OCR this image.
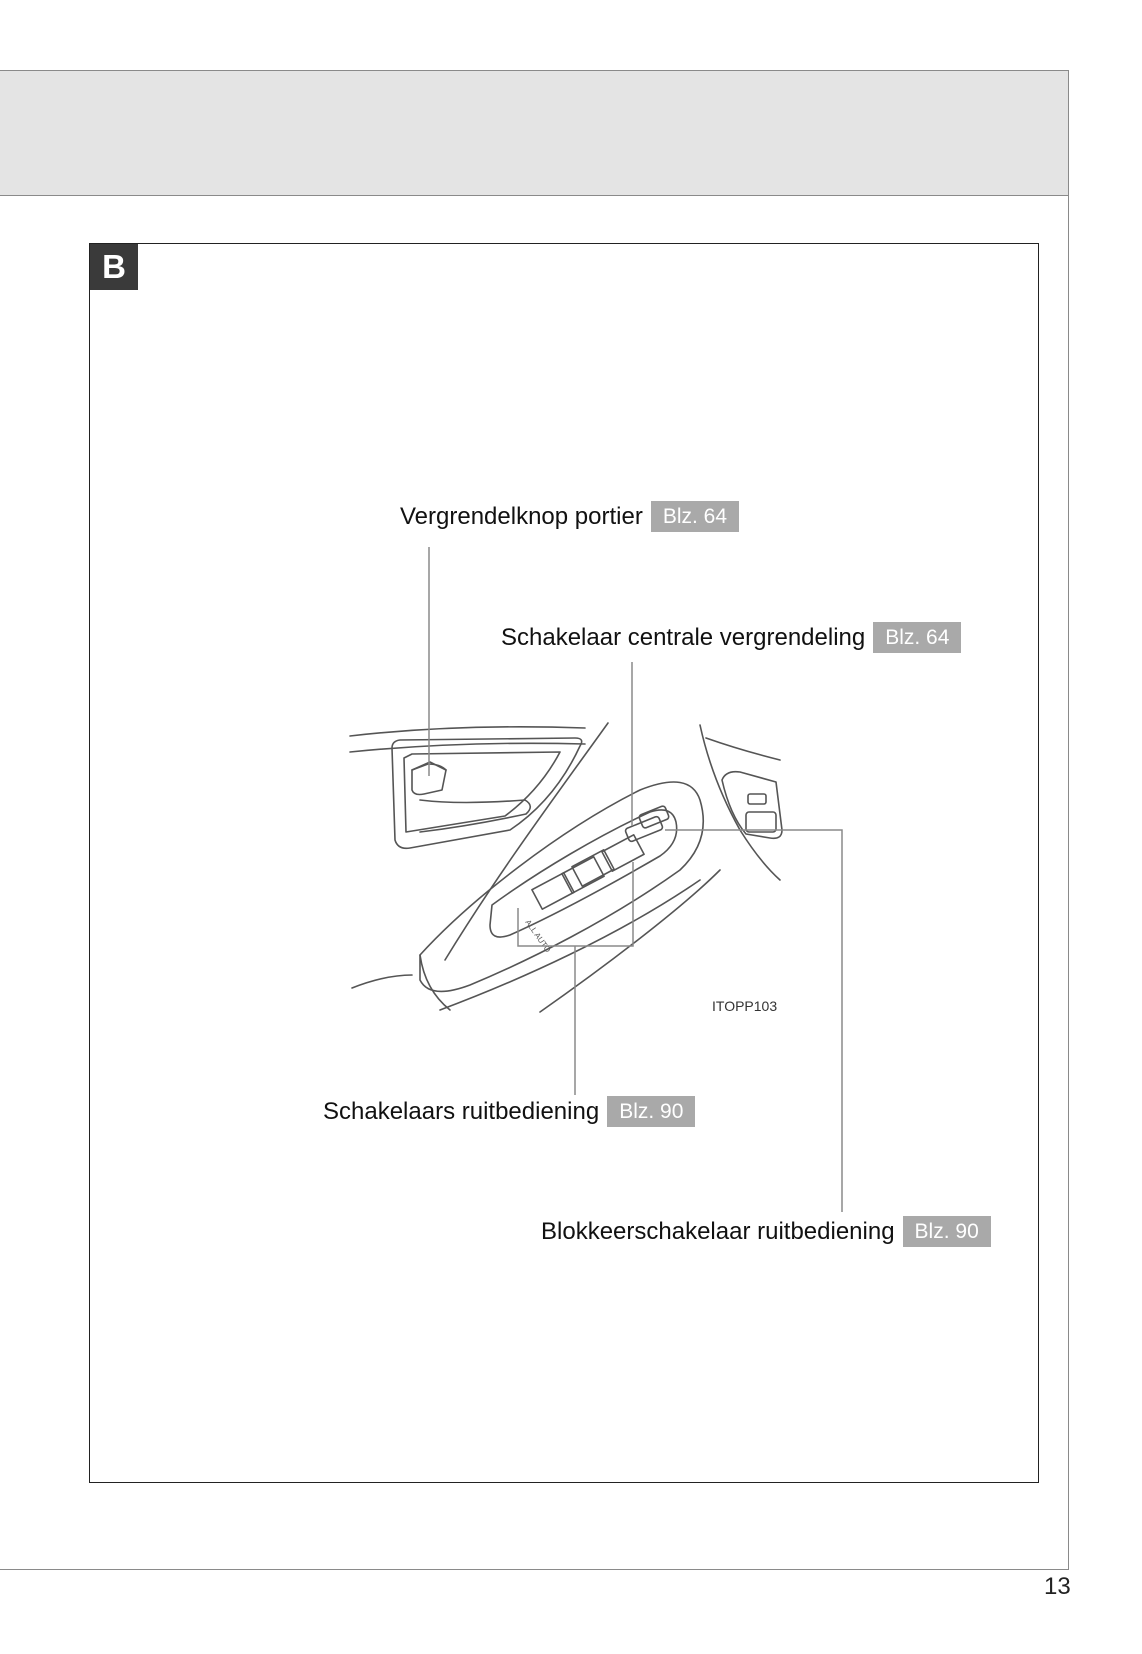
B
ALL AUTO
ITOPP103
Vergrendelknop portier Blz. 64
Schakelaar centrale vergrendeling Blz. 64
Schakelaars ruitbediening Blz. 90
Blokkeerschakelaar ruitbediening Blz. 90
13
